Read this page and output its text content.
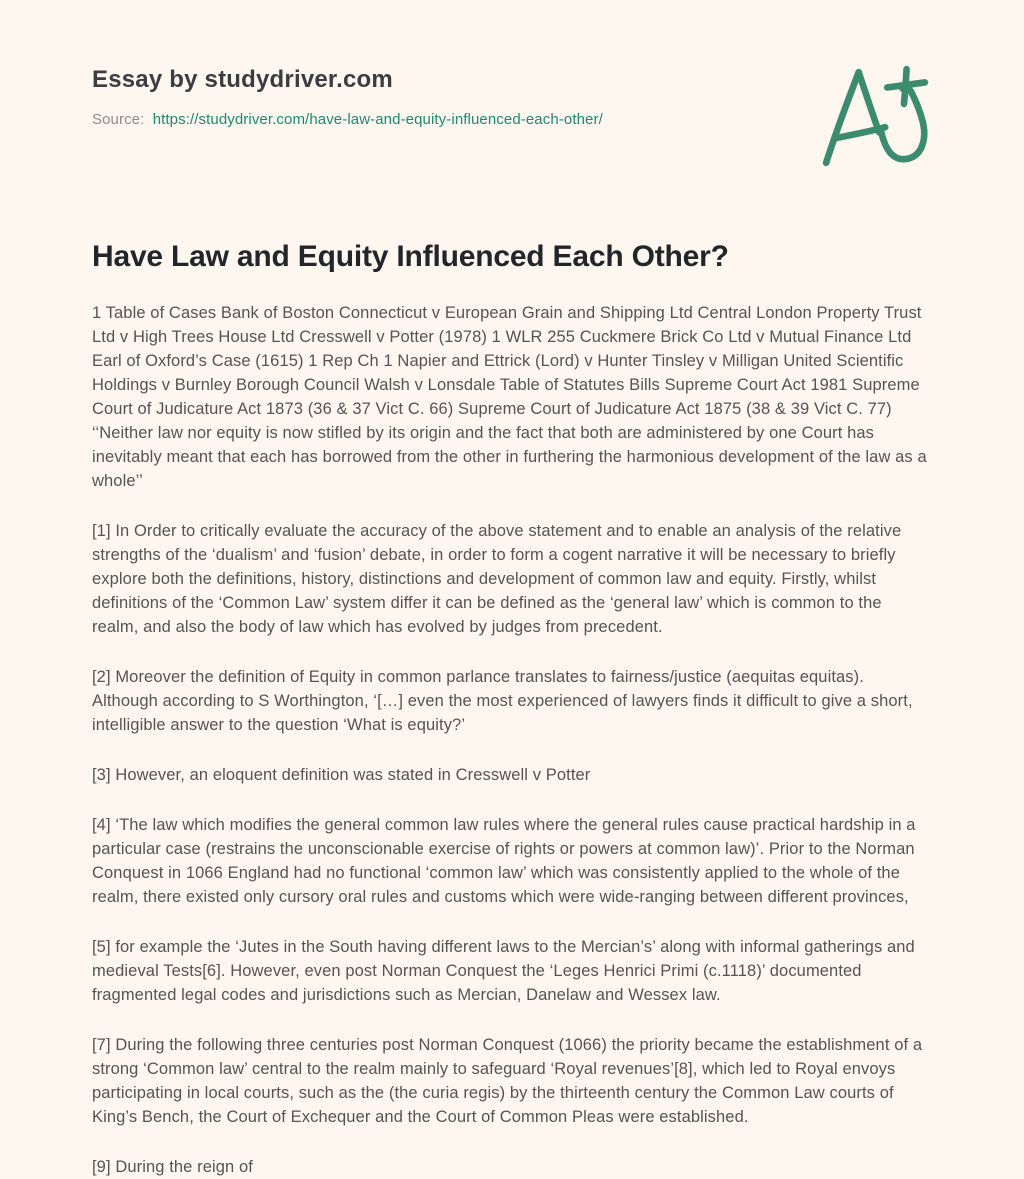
Essay by studydriver.com
Source: https://studydriver.com/have-law-and-equity-influenced-each-other/
Have Law and Equity Influenced Each Other?

1 Table of Cases Bank of Boston Connecticut v European Grain and Shipping Ltd Central London Property Trust Ltd v High Trees House Ltd Cresswell v Potter (1978) 1 WLR 255 Cuckmere Brick Co Ltd v Mutual Finance Ltd Earl of Oxford’s Case (1615) 1 Rep Ch 1 Napier and Ettrick (Lord) v Hunter Tinsley v Milligan United Scientific Holdings v Burnley Borough Council Walsh v Lonsdale Table of Statutes Bills Supreme Court Act 1981 Supreme Court of Judicature Act 1873 (36 & 37 Vict C. 66) Supreme Court of Judicature Act 1875 (38 & 39 Vict C. 77) ‘‘Neither law nor equity is now stifled by its origin and the fact that both are administered by one Court has inevitably meant that each has borrowed from the other in furthering the harmonious development of the law as a whole’’

[1] In Order to critically evaluate the accuracy of the above statement and to enable an analysis of the relative strengths of the ‘dualism’ and ‘fusion’ debate, in order to form a cogent narrative it will be necessary to briefly explore both the definitions, history, distinctions and development of common law and equity. Firstly, whilst definitions of the ‘Common Law’ system differ it can be defined as the ‘general law’ which is common to the realm, and also the body of law which has evolved by judges from precedent.

[2] Moreover the definition of Equity in common parlance translates to fairness/justice (aequitas equitas). Although according to S Worthington, ‘[…] even the most experienced of lawyers finds it difficult to give a short, intelligible answer to the question ‘What is equity?’

[3] However, an eloquent definition was stated in Cresswell v Potter

[4] ‘The law which modifies the general common law rules where the general rules cause practical hardship in a particular case (restrains the unconscionable exercise of rights or powers at common law)’. Prior to the Norman Conquest in 1066 England had no functional ‘common law’ which was consistently applied to the whole of the realm, there existed only cursory oral rules and customs which were wide-ranging between different provinces,

[5] for example the ‘Jutes in the South having different laws to the Mercian’s’ along with informal gatherings and medieval Tests[6]. However, even post Norman Conquest the ‘Leges Henrici Primi (c.1118)’ documented fragmented legal codes and jurisdictions such as Mercian, Danelaw and Wessex law.

[7] During the following three centuries post Norman Conquest (1066) the priority became the establishment of a strong ‘Common law’ central to the realm mainly to safeguard ‘Royal revenues’[8], which led to Royal envoys participating in local courts, such as the (the curia regis) by the thirteenth century the Common Law courts of King’s Bench, the Court of Exchequer and the Court of Common Pleas were established.

[9] During the reign of
